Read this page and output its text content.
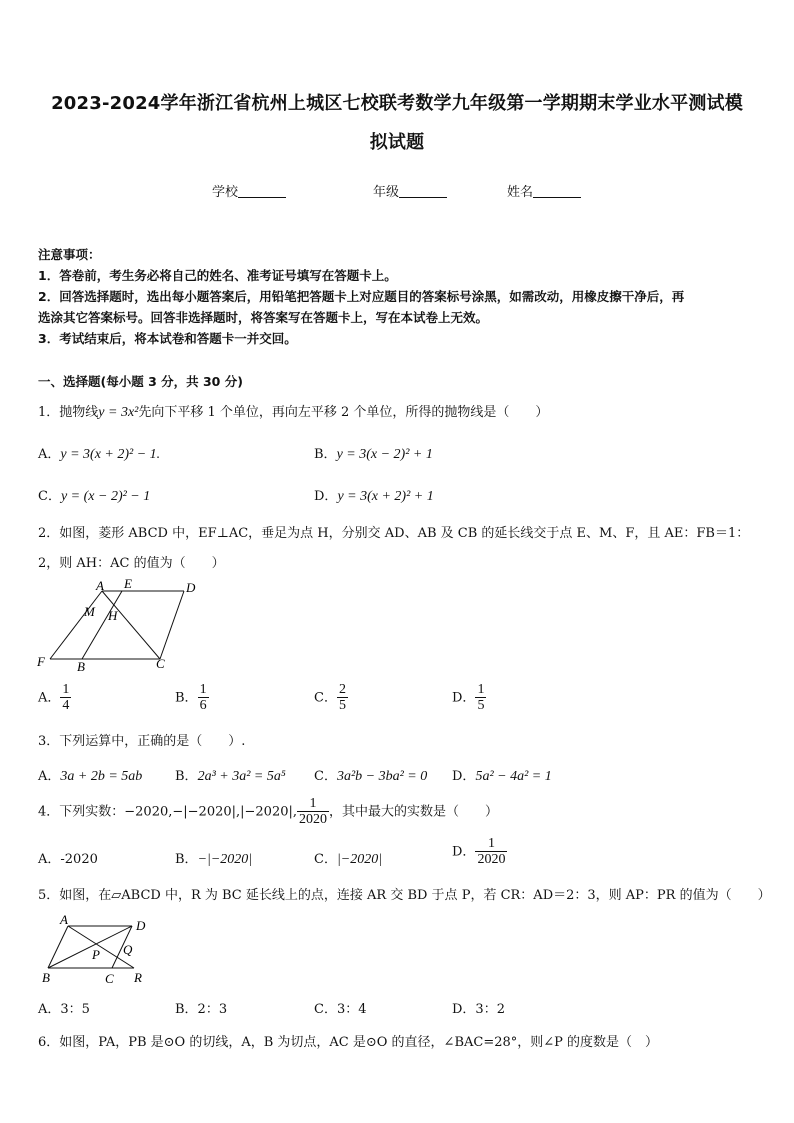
2023-2024学年浙江省杭州上城区七校联考数学九年级第一学期期末学业水平测试模
拟试题
学校	年级	姓名
注意事项：
1．答卷前，考生务必将自己的姓名、准考证号填写在答题卡上。
2．回答选择题时，选出每小题答案后，用铅笔把答题卡上对应题目的答案标号涂黑，如需改动，用橡皮擦干净后，再
选涂其它答案标号。回答非选择题时，将答案写在答题卡上，写在本试卷上无效。
3．考试结束后，将本试卷和答题卡一并交回。
一、选择题(每小题 3 分，共 30 分)
1．抛物线y = 3x²先向下平移 1 个单位，再向左平移 2 个单位，所得的抛物线是（　　）
A．y = 3(x + 2)² − 1.	B．y = 3(x − 2)² + 1
C．y = (x − 2)² − 1	D．y = 3(x + 2)² + 1
2．如图，菱形 ABCD 中，EF⊥AC，垂足为点 H，分别交 AD、AB 及 CB 的延长线交于点 E、M、F，且 AE：FB＝1：
2，则 AH：AC 的值为（　　）
A E	D
M H
F B	C
A． $\frac{1}{4}$	B． $\frac{1}{6}$	C． $\frac{2}{5}$	D． $\frac{1}{5}$
3．下列运算中，正确的是（　　）.
A．3a + 2b = 5ab	B．2a³ + 3a² = 5a⁵ C．3a²b − 3ba² = 0 D．5a² − 4a² = 1
4．下列实数：−2020,−|−2020|,|−2020|, $\frac{1}{2020}$ ，其中最大的实数是（　　）
A．-2020	B．−|−2020|	C．|−2020|
D． $\frac{1}{2020}$
5．如图，在▱ABCD 中，R 为 BC 延长线上的点，连接 AR 交 BD 于点 P，若 CR：AD＝2：3，则 AP：PR 的值为（　　）
A	D
Q
P
B	C R
A．3：5	B．2：3	C．3：4	D．3：2
6．如图，PA，PB 是⊙O 的切线，A，B 为切点，AC 是⊙O 的直径，∠BAC=28°，则∠P 的度数是（　）
